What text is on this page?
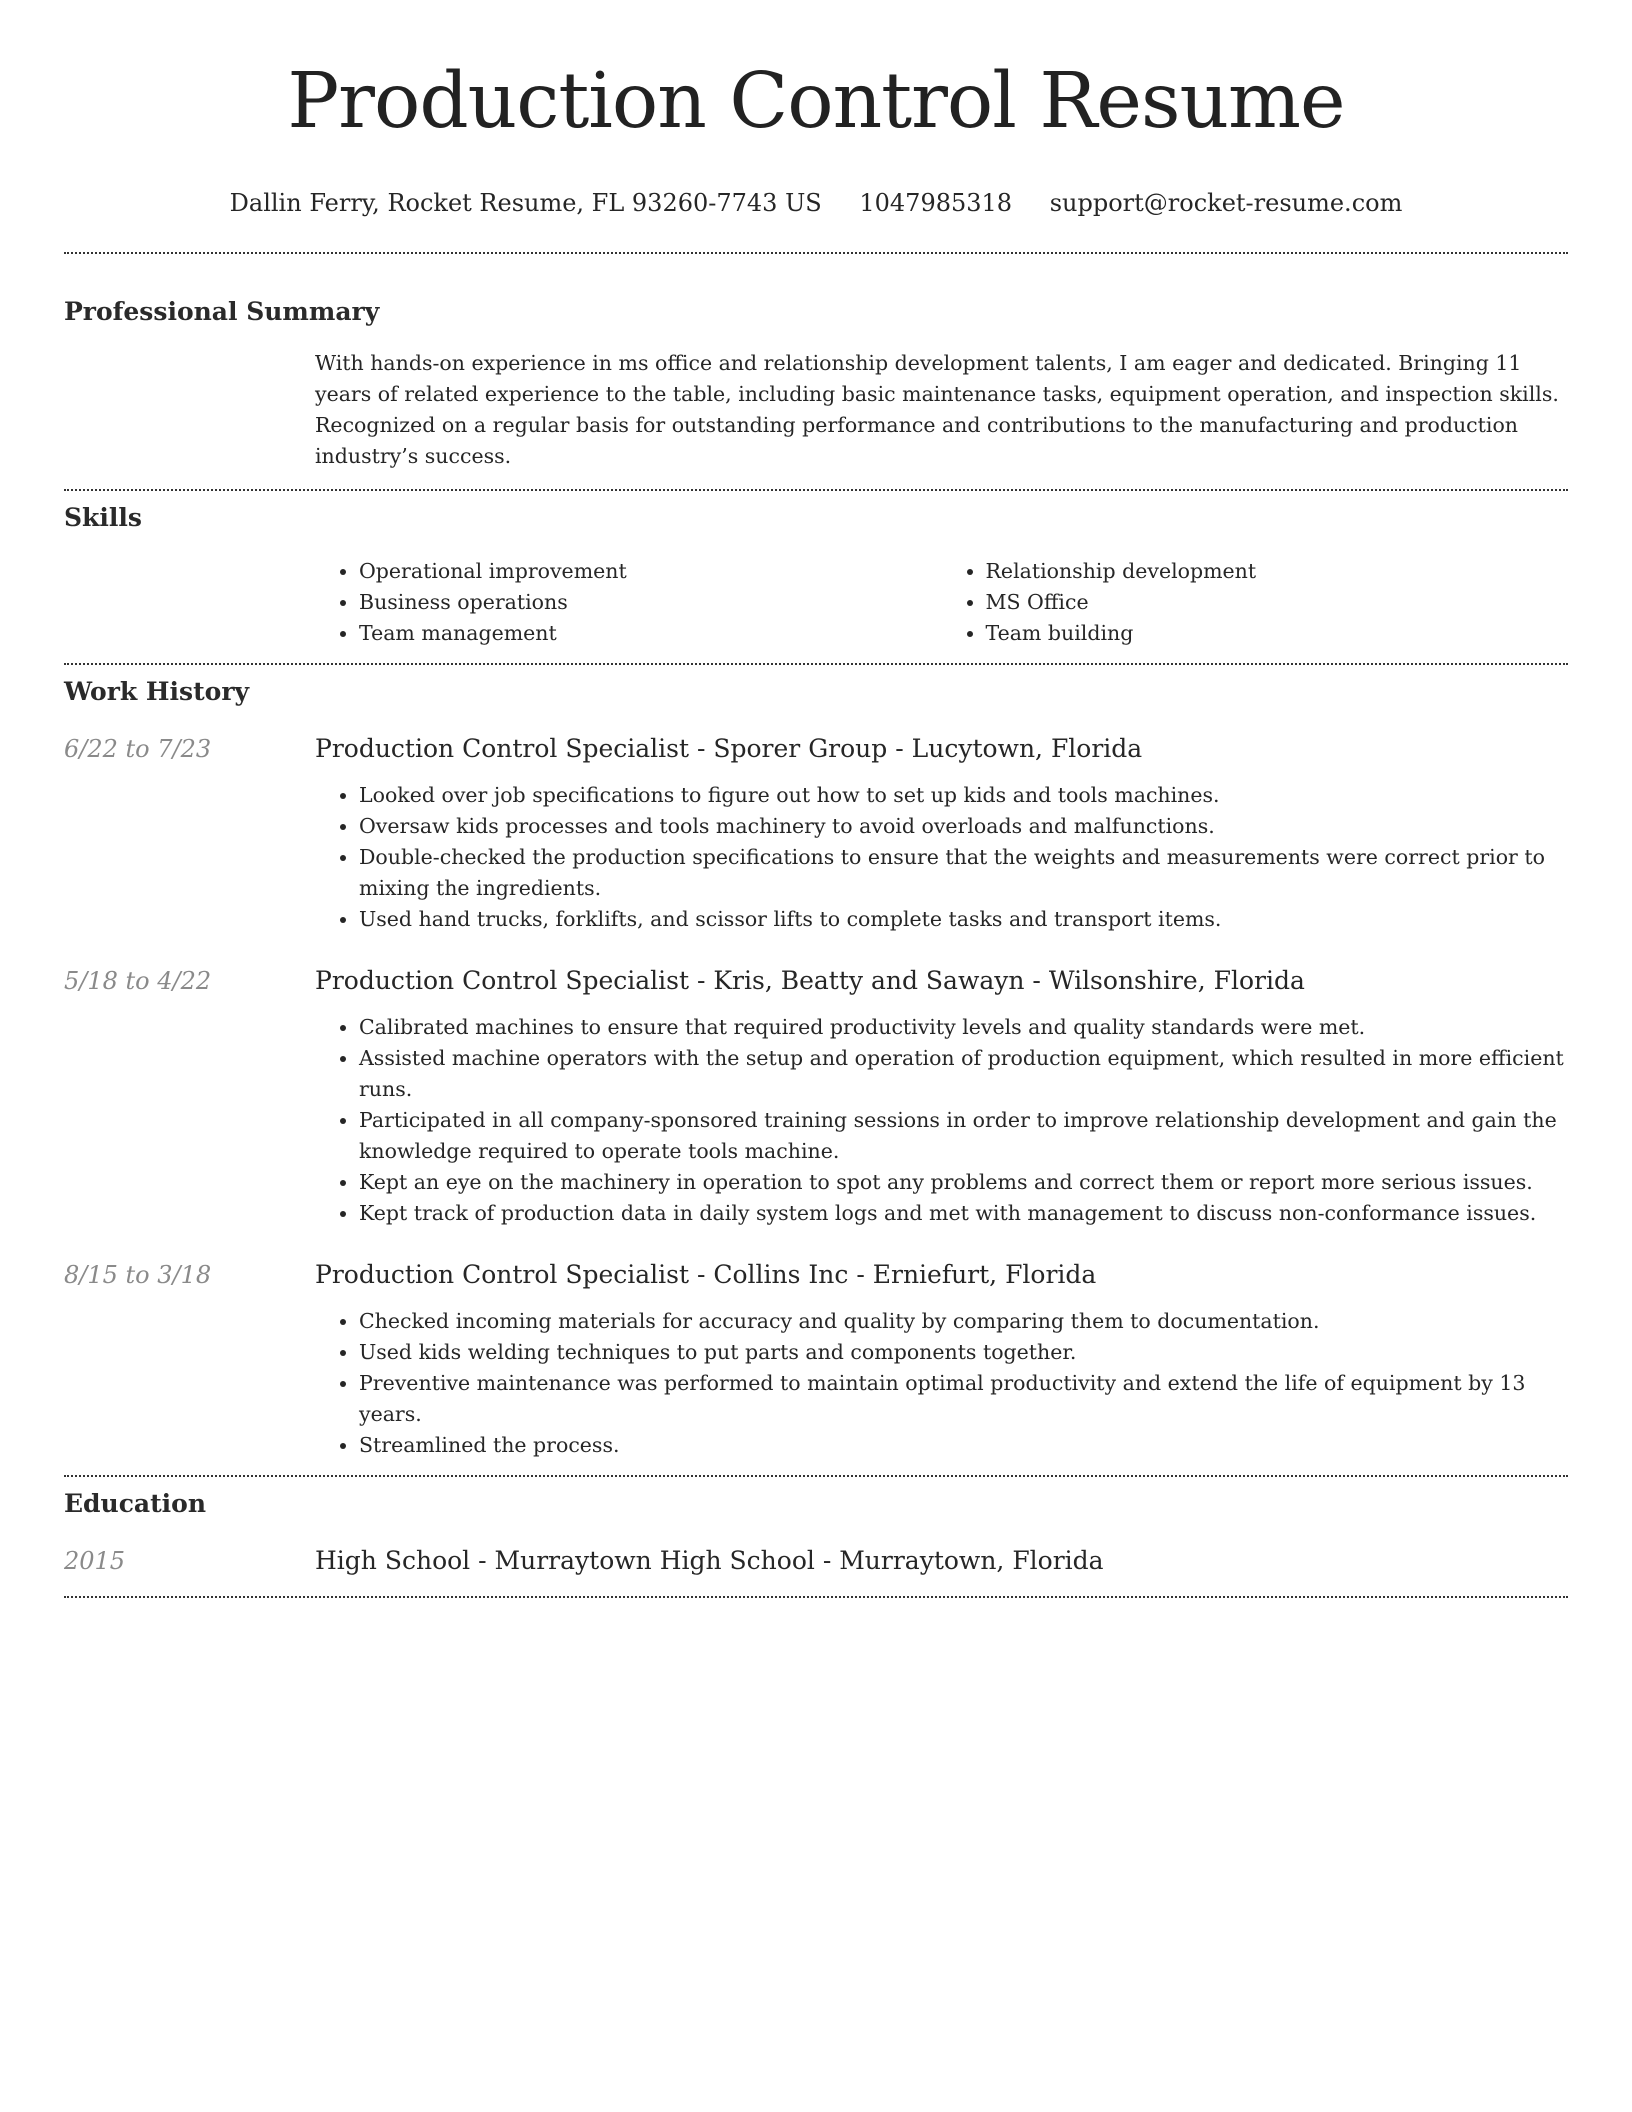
Production Control Resume
Dallin Ferry, Rocket Resume, FL 93260-7743 US 1047985318 support@rocket-resume.com
Professional Summary

With hands-on experience in ms office and relationship development talents, I am eager and dedicated. Bringing 11 years of related experience to the table, including basic maintenance tasks, equipment operation, and inspection skills. Recognized on a regular basis for outstanding performance and contributions to the manufacturing and production industry’s success.

Skills
• Operational improvement
• Business operations
• Team management
• Relationship development
• MS Office
• Team building
Work History
6/22 to 7/23	Production Control Specialist - Sporer Group - Lucytown, Florida
• Looked over job specifications to figure out how to set up kids and tools machines.
• Oversaw kids processes and tools machinery to avoid overloads and malfunctions.
• Double-checked the production specifications to ensure that the weights and measurements were correct prior to mixing the ingredients.
• Used hand trucks, forklifts, and scissor lifts to complete tasks and transport items.
5/18 to 4/22	Production Control Specialist - Kris, Beatty and Sawayn - Wilsonshire, Florida
• Calibrated machines to ensure that required productivity levels and quality standards were met.
• Assisted machine operators with the setup and operation of production equipment, which resulted in more efficient runs.
• Participated in all company-sponsored training sessions in order to improve relationship development and gain the knowledge required to operate tools machine.
• Kept an eye on the machinery in operation to spot any problems and correct them or report more serious issues.
• Kept track of production data in daily system logs and met with management to discuss non-conformance issues.
8/15 to 3/18	Production Control Specialist - Collins Inc - Erniefurt, Florida
• Checked incoming materials for accuracy and quality by comparing them to documentation.
• Used kids welding techniques to put parts and components together.
• Preventive maintenance was performed to maintain optimal productivity and extend the life of equipment by 13 years.
• Streamlined the process.
Education
2015	High School - Murraytown High School - Murraytown, Florida
